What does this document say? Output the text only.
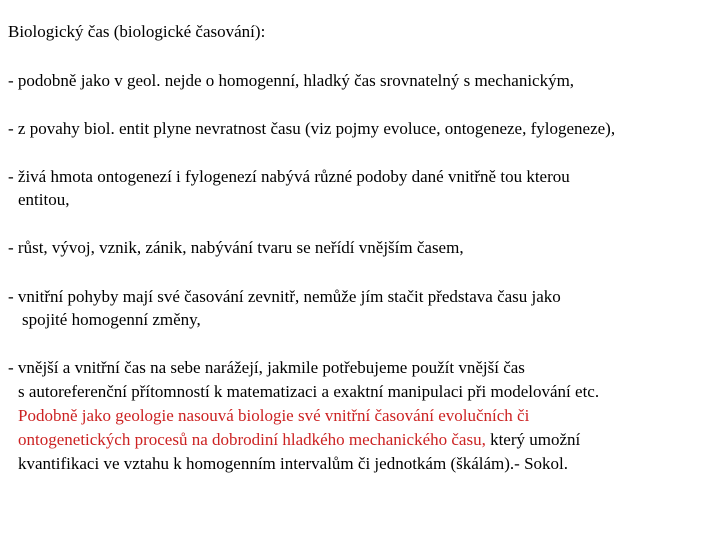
Biologický čas (biologické časování):
- podobně jako v geol. nejde o homogenní, hladký čas srovnatelný s mechanickým,
- z povahy biol. entit plyne nevratnost času (viz pojmy evoluce, ontogeneze, fylogeneze),
- živá hmota ontogenezí i fylogenezí nabývá různé podoby dané vnitřně tou kterou
entitou,
- růst, vývoj, vznik, zánik, nabývání tvaru se neřídí vnějším časem,
- vnitřní pohyby mají své časování zevnitř, nemůže jím stačit představa času jako
spojité homogenní změny,
- vnější a vnitřní čas na sebe narážejí, jakmile potřebujeme použít vnější čas
s autoreferenční přítomností k matematizaci a exaktní manipulaci při modelování etc.
Podobně jako geologie nasouvá biologie své vnitřní časování evolučních či
ontogenetických procesů na dobrodiní hladkého mechanického času, který umožní
kvantifikaci ve vztahu k homogenním intervalům či jednotkám (škálám).- Sokol.
